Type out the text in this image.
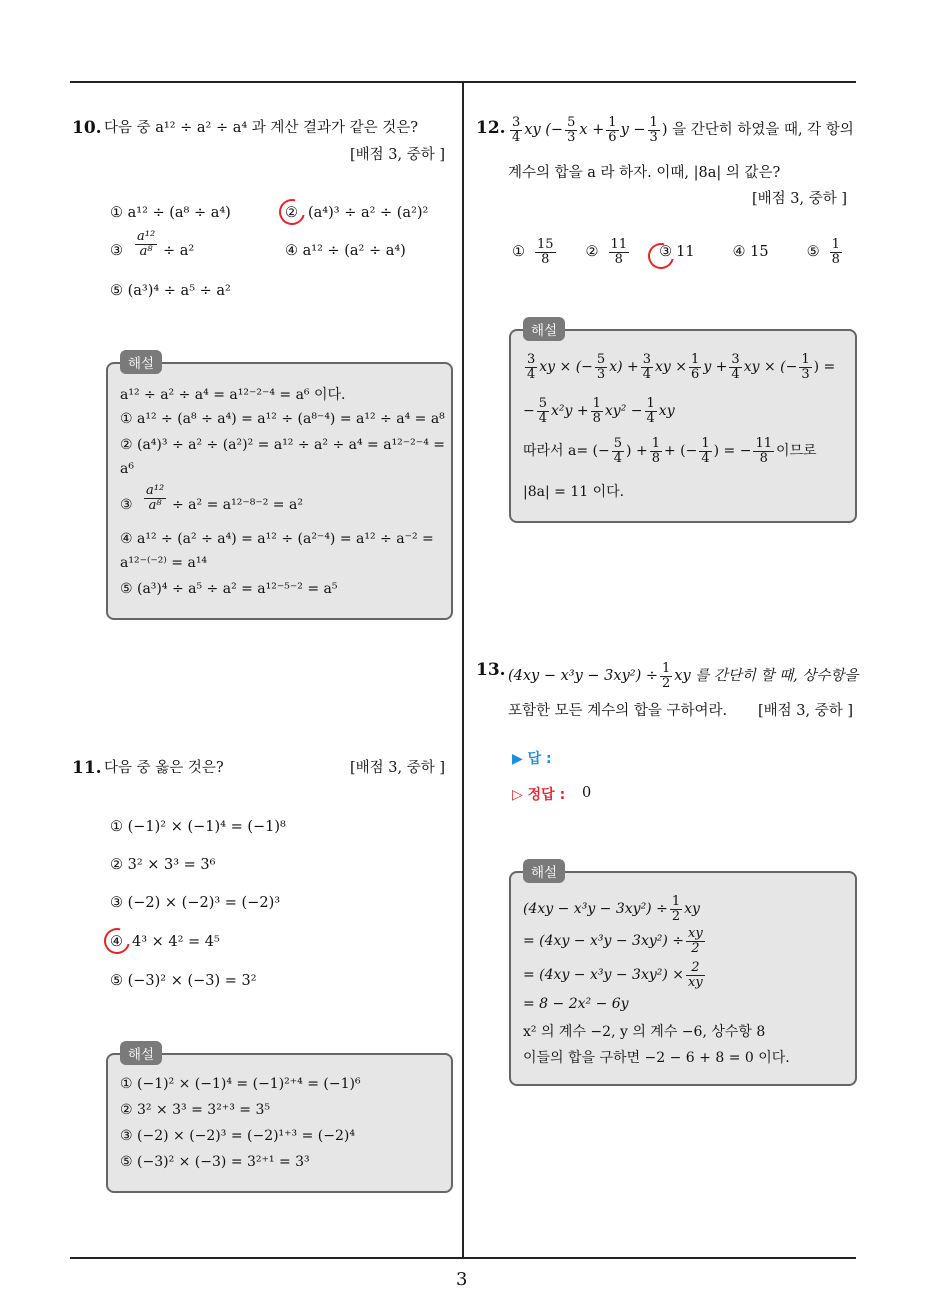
3
10. 다음 중 a¹² ÷ a² ÷ a⁴ 과 계산 결과가 같은 것은?
[배점 3, 중하 ]
① a¹² ÷ (a⁸ ÷ a⁴)	② (a⁴)³ ÷ a² ÷ (a²)²
③ $\frac{\text{a¹²}}{\text{a⁸}} \div a^2$	④ a¹² ÷ (a² ÷ a⁴)
⑤ (a³)⁴ ÷ a⁵ ÷ a²
해설
a¹² ÷ a² ÷ a⁴ = a¹²⁻²⁻⁴ = a⁶ 이다.
① a¹² ÷ (a⁸ ÷ a⁴) = a¹² ÷ (a⁸⁻⁴) = a¹² ÷ a⁴ = a⁸
② (a⁴)³ ÷ a² ÷ (a²)² = a¹² ÷ a² ÷ a⁴ = a¹²⁻²⁻⁴ =
a⁶
③ $\frac{\text{a¹²}}{\text{a⁸}} \div a^2 = a^{12-8-2} = a^2$
④ a¹² ÷ (a² ÷ a⁴) = a¹² ÷ (a²⁻⁴) = a¹² ÷ a⁻² =
a¹²⁻⁽⁻²⁾ = a¹⁴
⑤ (a³)⁴ ÷ a⁵ ÷ a² = a¹²⁻⁵⁻² = a⁵
11. 다음 중 옳은 것은?	[배점 3, 중하 ]
① (−1)² × (−1)⁴ = (−1)⁸
② 3² × 3³ = 3⁶
③ (−2) × (−2)³ = (−2)³
④ 4³ × 4² = 4⁵
⑤ (−3)² × (−3) = 3²
해설
① (−1)² × (−1)⁴ = (−1)²⁺⁴ = (−1)⁶
② 3² × 3³ = 3²⁺³ = 3⁵
③ (−2) × (−2)³ = (−2)¹⁺³ = (−2)⁴
⑤ (−3)² × (−3) = 3²⁺¹ = 3³
12. $\frac{3}{4}$ xy (− $\frac{5}{3}$ $x + \frac{1}{6}$ $y - \frac{1}{3}$ ) 을 간단히 하였을 때, 각 항의
계수의 합을 a 라 하자. 이때, |8a| 의 값은?
[배점 3, 중하 ]
① $\frac{15}{8}$ ② $\frac{11}{8}$ ③ 11	④ 15	⑤ $\frac{1}{8}$
해설
$\frac{3}{4}$ xy × (− $\frac{5}{3} x) + \frac{3}{4}$ xy × $\frac{1}{6}$ $y + \frac{3}{4}$ xy × (− $\frac{1}{3}$ ) =
− $\frac{5}{4} x^2y + \frac{1}{8} xy^2 - \frac{1}{4}$ xy
따라서 a= (− $\frac{5}{4}$ ) + $\frac{1}{8}$ + (− $\frac{1}{4}$ ) = − $\frac{11}{8}$ 이므로
|8a| = 11 이다.
13. $(4xy - x^3y - 3xy^2) \div \frac{1}{2}$ xy 를 간단히 할 때, 상수항을
포함한 모든 계수의 합을 구하여라. [배점 3, 중하 ]
▶ 답 :
▷ 정답 : 0
해설
$(4xy - x^3y - 3xy^2) \div \frac{1}{2}$ xy
= $(4xy - x^3y - 3xy^2) \div \frac{xy}{2}$
= $(4xy - x^3y - 3xy^2) \times \frac{2}{xy}$
= 8 − 2x² − 6y
x² 의 계수 −2, y 의 계수 −6, 상수항 8
이들의 합을 구하면 −2 − 6 + 8 = 0 이다.
